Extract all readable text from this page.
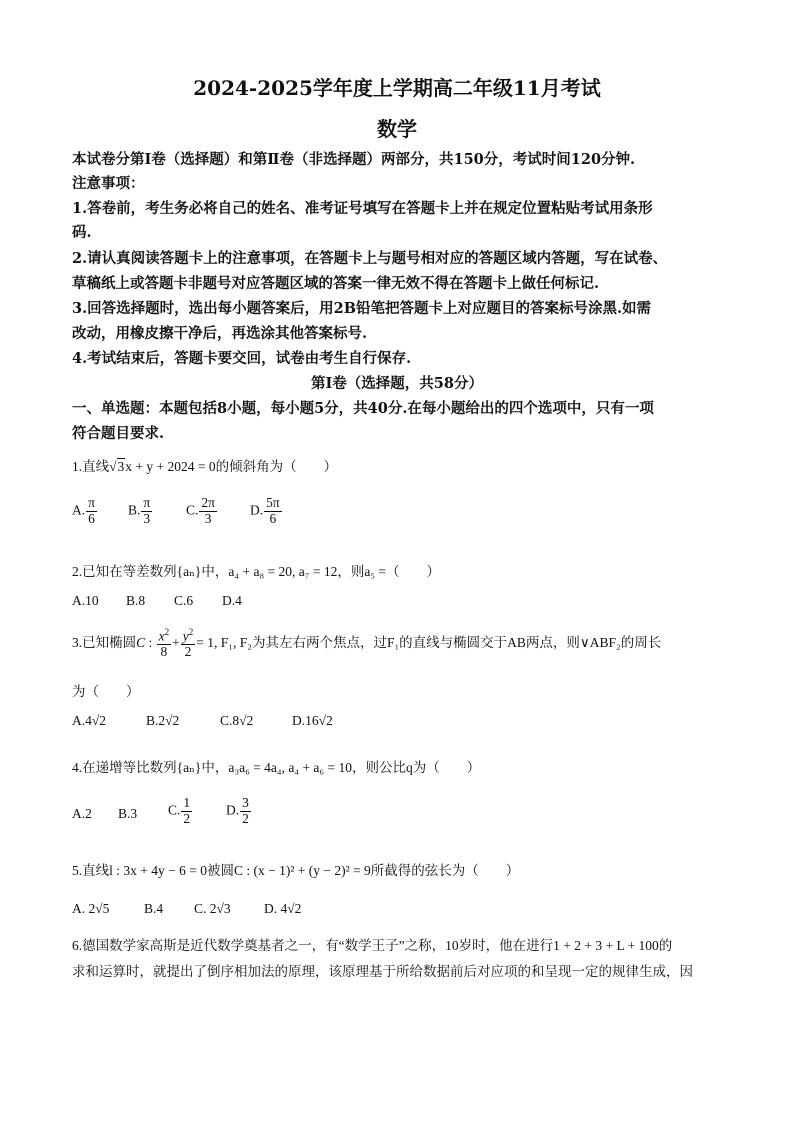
2024-2025学年度上学期高二年级11月考试
数学
本试卷分第Ⅰ卷（选择题）和第Ⅱ卷（非选择题）两部分，共150分，考试时间120分钟.
注意事项：
1.答卷前，考生务必将自己的姓名、准考证号填写在答题卡上并在规定位置粘贴考试用条形
码.
2.请认真阅读答题卡上的注意事项，在答题卡上与题号相对应的答题区域内答题，写在试卷、
草稿纸上或答题卡非题号对应答题区域的答案一律无效不得在答题卡上做任何标记.
3.回答选择题时，选出每小题答案后，用2B铅笔把答题卡上对应题目的答案标号涂黑.如需
改动，用橡皮擦干净后，再选涂其他答案标号.
4.考试结束后，答题卡要交回，试卷由考生自行保存.
第Ⅰ卷（选择题，共58分）
一、单选题：本题包括8小题，每小题5分，共40分.在每小题给出的四个选项中，只有一项
符合题目要求.
1.直线√3x + y + 2024 = 0的倾斜角为（　　）
A. $\frac{\pi}{6} B$. $\frac{\pi}{3}$	C. $\frac{2\pi}{3} D$. $\frac{5\pi}{6}$
2.已知在等差数列{aₙ}中，a₄ + a₈ = 20, a₇ = 12，则a₅ =（　　）
A.10 B.8 C.6 D.4
3.已知椭圆C : $\frac{x^2}{8} + \frac{y^2}{2} = 1$, F₁, F₂为其左右两个焦点，过F₁的直线与椭圆交于AB两点，则∨ABF₂的周长
为（　　）
A.4√2	B.2√2	C.8√2	D.16√2
4.在递增等比数列{aₙ}中，a₃a₆ = 4a₄, a₄ + a₆ = 10，则公比q为（　　）
A.2 B.3 C. $\frac{1}{2}$	D. $\frac{3}{2}$
5.直线l : 3x + 4y − 6 = 0被圆C : (x − 1)² + (y − 2)² = 9所截得的弦长为（　　）
A. 2√5	B.4 C. 2√3 D. 4√2
6.德国数学家高斯是近代数学奠基者之一，有“数学王子”之称，10岁时，他在进行1 + 2 + 3 + L + 100的
求和运算时，就提出了倒序相加法的原理，该原理基于所给数据前后对应项的和呈现一定的规律生成，因
